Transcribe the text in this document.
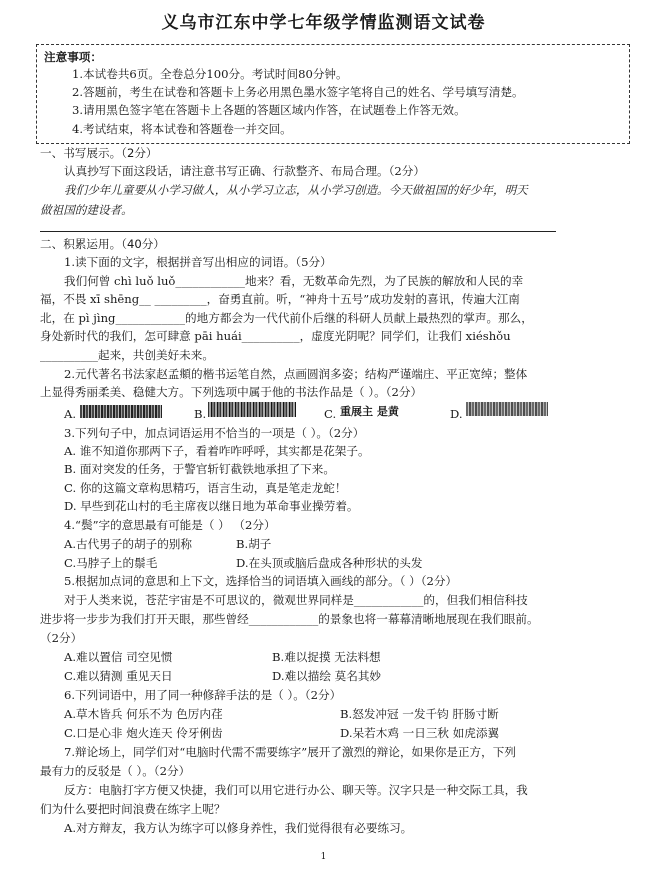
义乌市江东中学七年级学情监测语文试卷
注意事项：
1.本试卷共6页。全卷总分100分。考试时间80分钟。
2.答题前，考生在试卷和答题卡上务必用黑色墨水签字笔将自己的姓名、学号填写清楚。
3.请用黑色签字笔在答题卡上各题的答题区域内作答，在试题卷上作答无效。
4.考试结束，将本试卷和答题卷一并交回。
一、书写展示。（2分）
认真抄写下面这段话，请注意书写正确、行款整齐、布局合理。（2分）
我们少年儿童要从小学习做人，从小学习立志，从小学习创造。今天做祖国的好少年，明天
做祖国的建设者。
二、积累运用。（40分）
1.读下面的文字，根据拼音写出相应的词语。（5分）
我们何曾 chì luǒ luǒ____________地来？看，无数革命先烈，为了民族的解放和人民的幸
福，不畏 xī shēng__ _________，奋勇直前。听，“神舟十五号”成功发射的喜讯，传遍大江南
北，在 pì jìng____________的地方都会为一代代前仆后继的科研人员献上最热烈的掌声。那么，
身处新时代的我们，怎可肆意 pāi huái__________，虚度光阴呢？同学们，让我们 xiéshǒu
__________起来，共创美好未来。
2.元代著名书法家赵孟頫的楷书运笔自然，点画圆润多姿；结构严谨端庄、平正宽绰；整体
上显得秀丽柔美、稳健大方。下列选项中属于他的书法作品是（ ）。（2分）
A.	B.	C. 重展主 是黄	D.
3.下列句子中，加点词语运用不恰当的一项是（ ）。（2分）
A. 谁不知道你那两下子，看着咋咋呼呼，其实都是花架子。
B. 面对突发的任务，于警官斩钉截铁地承担了下来。
C. 你的这篇文章构思精巧，语言生动，真是笔走龙蛇！
D. 早些到花山村的毛主席夜以继日地为革命事业操劳着。
4.“鬓”字的意思最有可能是（ ） （2分）
A.古代男子的胡子的别称	B.胡子
C.马脖子上的鬃毛	D.在头顶或脑后盘成各种形状的头发
5.根据加点词的意思和上下文，选择恰当的词语填入画线的部分。（ ）（2分）
对于人类来说，苍茫宇宙是不可思议的，微观世界同样是____________的，但我们相信科技
进步将一步步为我们打开天眼，那些曾经____________的景象也将一幕幕清晰地展现在我们眼前。
（2分）
A.难以置信 司空见惯	B.难以捉摸 无法料想
C.难以猜测 重见天日	D.难以描绘 莫名其妙
6.下列词语中，用了同一种修辞手法的是（ ）。（2分）
A.草木皆兵 何乐不为 色厉内荏	B.怒发冲冠 一发千钧 肝肠寸断
C.口是心非 炮火连天 伶牙俐齿	D.呆若木鸡 一日三秋 如虎添翼
7.辩论场上，同学们对“电脑时代需不需要练字”展开了激烈的辩论，如果你是正方，下列
最有力的反驳是（ ）。（2分）
反方：电脑打字方便又快捷，我们可以用它进行办公、聊天等。汉字只是一种交际工具，我
们为什么要把时间浪费在练字上呢？
A.对方辩友，我方认为练字可以修身养性，我们觉得很有必要练习。
1
